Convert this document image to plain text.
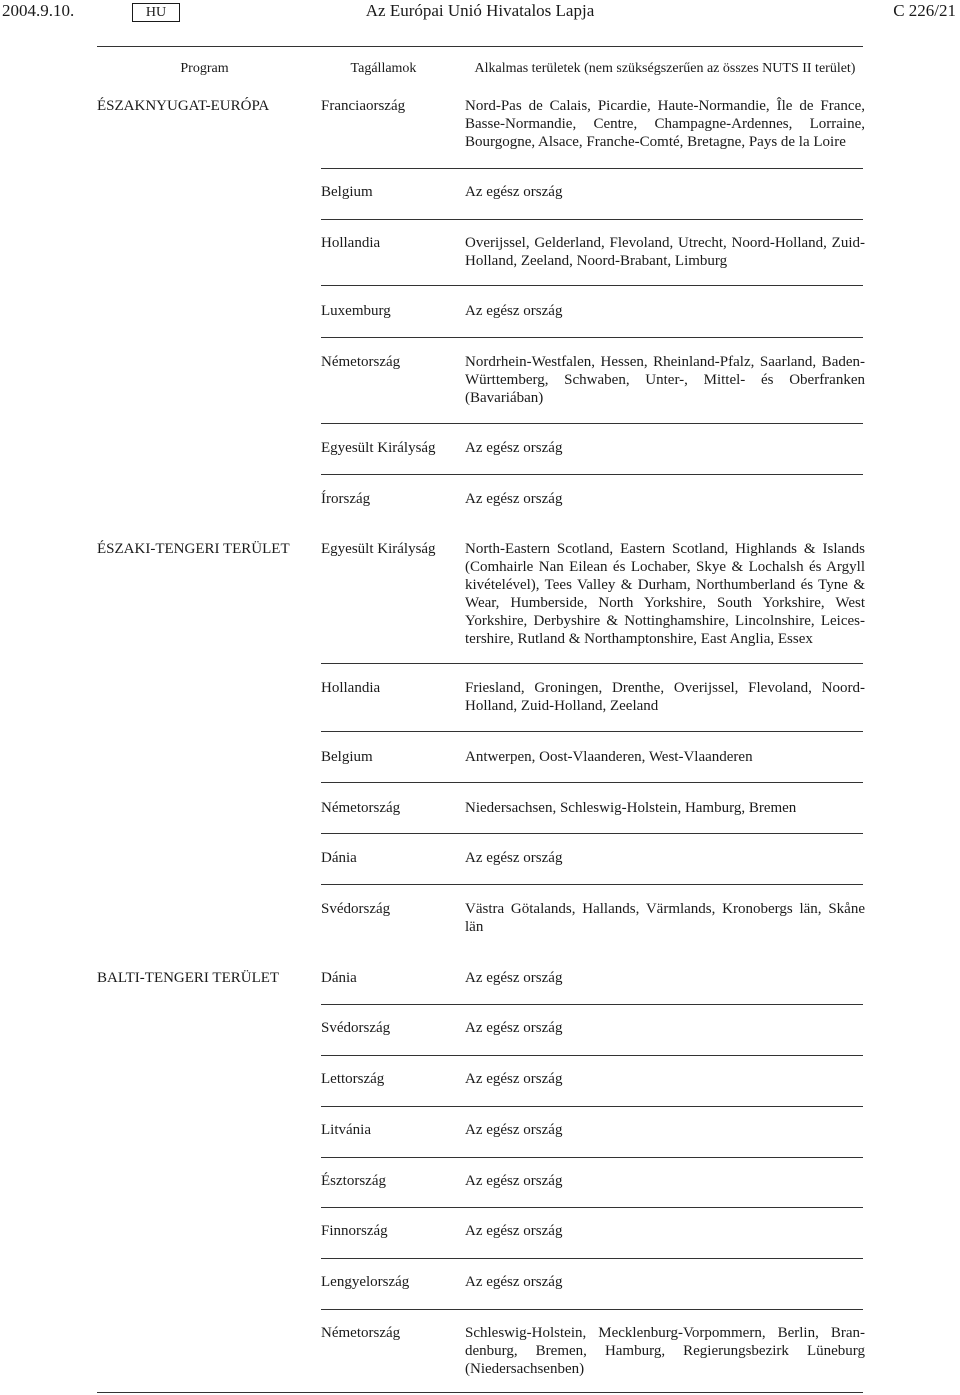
2004.9.10.	HU	Az Európai Unió Hivatalos Lapja	C 226/21
Program	Tagállamok	Alkalmas területek (nem szükségszerűen az összes NUTS II terület)
ÉSZAKNYUGAT-EURÓPA	Franciaország	Nord-Pas de Calais, Picardie, Haute-Normandie, Île de France, Basse-Normandie, Centre, Champagne-Ardennes, Lorraine, Bourgogne, Alsace, Franche-Comté, Bretagne, Pays de la Loire
Belgium	Az egész ország
Hollandia	Overijssel, Gelderland, Flevoland, Utrecht, Noord-Holland, Zuid-Holland, Zeeland, Noord-Brabant, Limburg
Luxemburg	Az egész ország
Németország	Nordrhein-Westfalen, Hessen, Rheinland-Pfalz, Saarland, Baden-Württemberg, Schwaben, Unter-, Mittel- és Oberfranken (Bavariában)
Egyesült Királyság	Az egész ország
Írország	Az egész ország
ÉSZAKI-TENGERI TERÜLET	Egyesült Királyság	North-Eastern Scotland, Eastern Scotland, Highlands & Islands (Comhairle Nan Eilean és Lochaber, Skye & Lochalsh és Argyll kivételével), Tees Valley & Durham, Northumberland és Tyne & Wear, Humberside, North Yorkshire, South Yorkshire, West Yorkshire, Derbyshire & Nottinghamshire, Lincolnshire, Leicestershire, Rutland & Northamptonshire, East Anglia, Essex
Hollandia	Friesland, Groningen, Drenthe, Overijssel, Flevoland, Noord-Holland, Zuid-Holland, Zeeland
Belgium	Antwerpen, Oost-Vlaanderen, West-Vlaanderen
Németország	Niedersachsen, Schleswig-Holstein, Hamburg, Bremen
Dánia	Az egész ország
Svédország	Västra Götalands, Hallands, Värmlands, Kronobergs län, Skåne län
BALTI-TENGERI TERÜLET	Dánia	Az egész ország
Svédország	Az egész ország
Lettország	Az egész ország
Litvánia	Az egész ország
Észtország	Az egész ország
Finnország	Az egész ország
Lengyelország	Az egész ország
Németország	Schleswig-Holstein, Mecklenburg-Vorpommern, Berlin, Brandenburg, Bremen, Hamburg, Regierungsbezirk Lüneburg (Niedersachsenben)
